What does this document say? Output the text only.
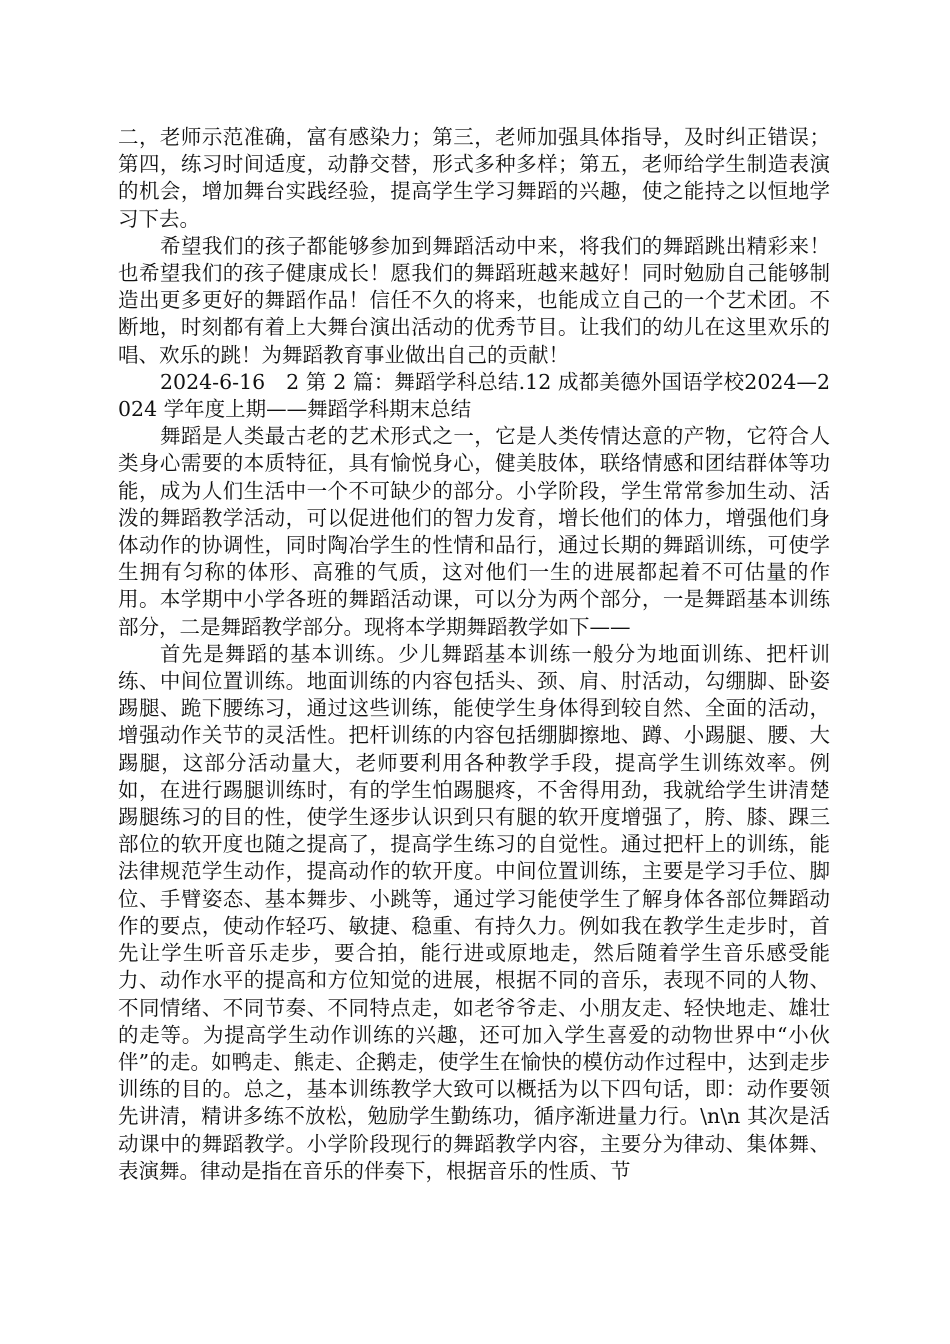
二，老师示范准确，富有感染力；第三，老师加强具体指导，及时纠正错误；第四，练习时间适度，动静交替，形式多种多样；第五，老师给学生制造表演的机会，增加舞台实践经验，提高学生学习舞蹈的兴趣，使之能持之以恒地学习下去。

希望我们的孩子都能够参加到舞蹈活动中来，将我们的舞蹈跳出精彩来！也希望我们的孩子健康成长！愿我们的舞蹈班越来越好！同时勉励自己能够制造出更多更好的舞蹈作品！信任不久的将来，也能成立自己的一个艺术团。不断地，时刻都有着上大舞台演出活动的优秀节目。让我们的幼儿在这里欢乐的唱、欢乐的跳！为舞蹈教育事业做出自己的贡献！

2024-6-16　2 第 2 篇：舞蹈学科总结.12 成都美德外国语学校2024—2024 学年度上期——舞蹈学科期末总结

舞蹈是人类最古老的艺术形式之一，它是人类传情达意的产物，它符合人类身心需要的本质特征，具有愉悦身心，健美肢体，联络情感和团结群体等功能，成为人们生活中一个不可缺少的部分。小学阶段，学生常常参加生动、活泼的舞蹈教学活动，可以促进他们的智力发育，增长他们的体力，增强他们身体动作的协调性，同时陶冶学生的性情和品行，通过长期的舞蹈训练，可使学生拥有匀称的体形、高雅的气质，这对他们一生的进展都起着不可估量的作用。本学期中小学各班的舞蹈活动课，可以分为两个部分，一是舞蹈基本训练部分，二是舞蹈教学部分。现将本学期舞蹈教学如下——

首先是舞蹈的基本训练。少儿舞蹈基本训练一般分为地面训练、把杆训练、中间位置训练。地面训练的内容包括头、颈、肩、肘活动，勾绷脚、卧姿踢腿、跪下腰练习，通过这些训练，能使学生身体得到较自然、全面的活动，增强动作关节的灵活性。把杆训练的内容包括绷脚擦地、蹲、小踢腿、腰、大踢腿，这部分活动量大，老师要利用各种教学手段，提高学生训练效率。例如，在进行踢腿训练时，有的学生怕踢腿疼，不舍得用劲，我就给学生讲清楚踢腿练习的目的性，使学生逐步认识到只有腿的软开度增强了，胯、膝、踝三部位的软开度也随之提高了，提高学生练习的自觉性。通过把杆上的训练，能法律规范学生动作，提高动作的软开度。中间位置训练，主要是学习手位、脚位、手臂姿态、基本舞步、小跳等，通过学习能使学生了解身体各部位舞蹈动作的要点，使动作轻巧、敏捷、稳重、有持久力。例如我在教学生走步时，首先让学生听音乐走步，要合拍，能行进或原地走，然后随着学生音乐感受能力、动作水平的提高和方位知觉的进展，根据不同的音乐，表现不同的人物、不同情绪、不同节奏、不同特点走，如老爷爷走、小朋友走、轻快地走、雄壮的走等。为提高学生动作训练的兴趣，还可加入学生喜爱的动物世界中“小伙伴”的走。如鸭走、熊走、企鹅走，使学生在愉快的模仿动作过程中，达到走步训练的目的。总之，基本训练教学大致可以概括为以下四句话，即：动作要领先讲清，精讲多练不放松，勉励学生勤练功，循序渐进量力行。\n\n 其次是活动课中的舞蹈教学。小学阶段现行的舞蹈教学内容，主要分为律动、集体舞、表演舞。律动是指在音乐的伴奏下，根据音乐的性质、节
